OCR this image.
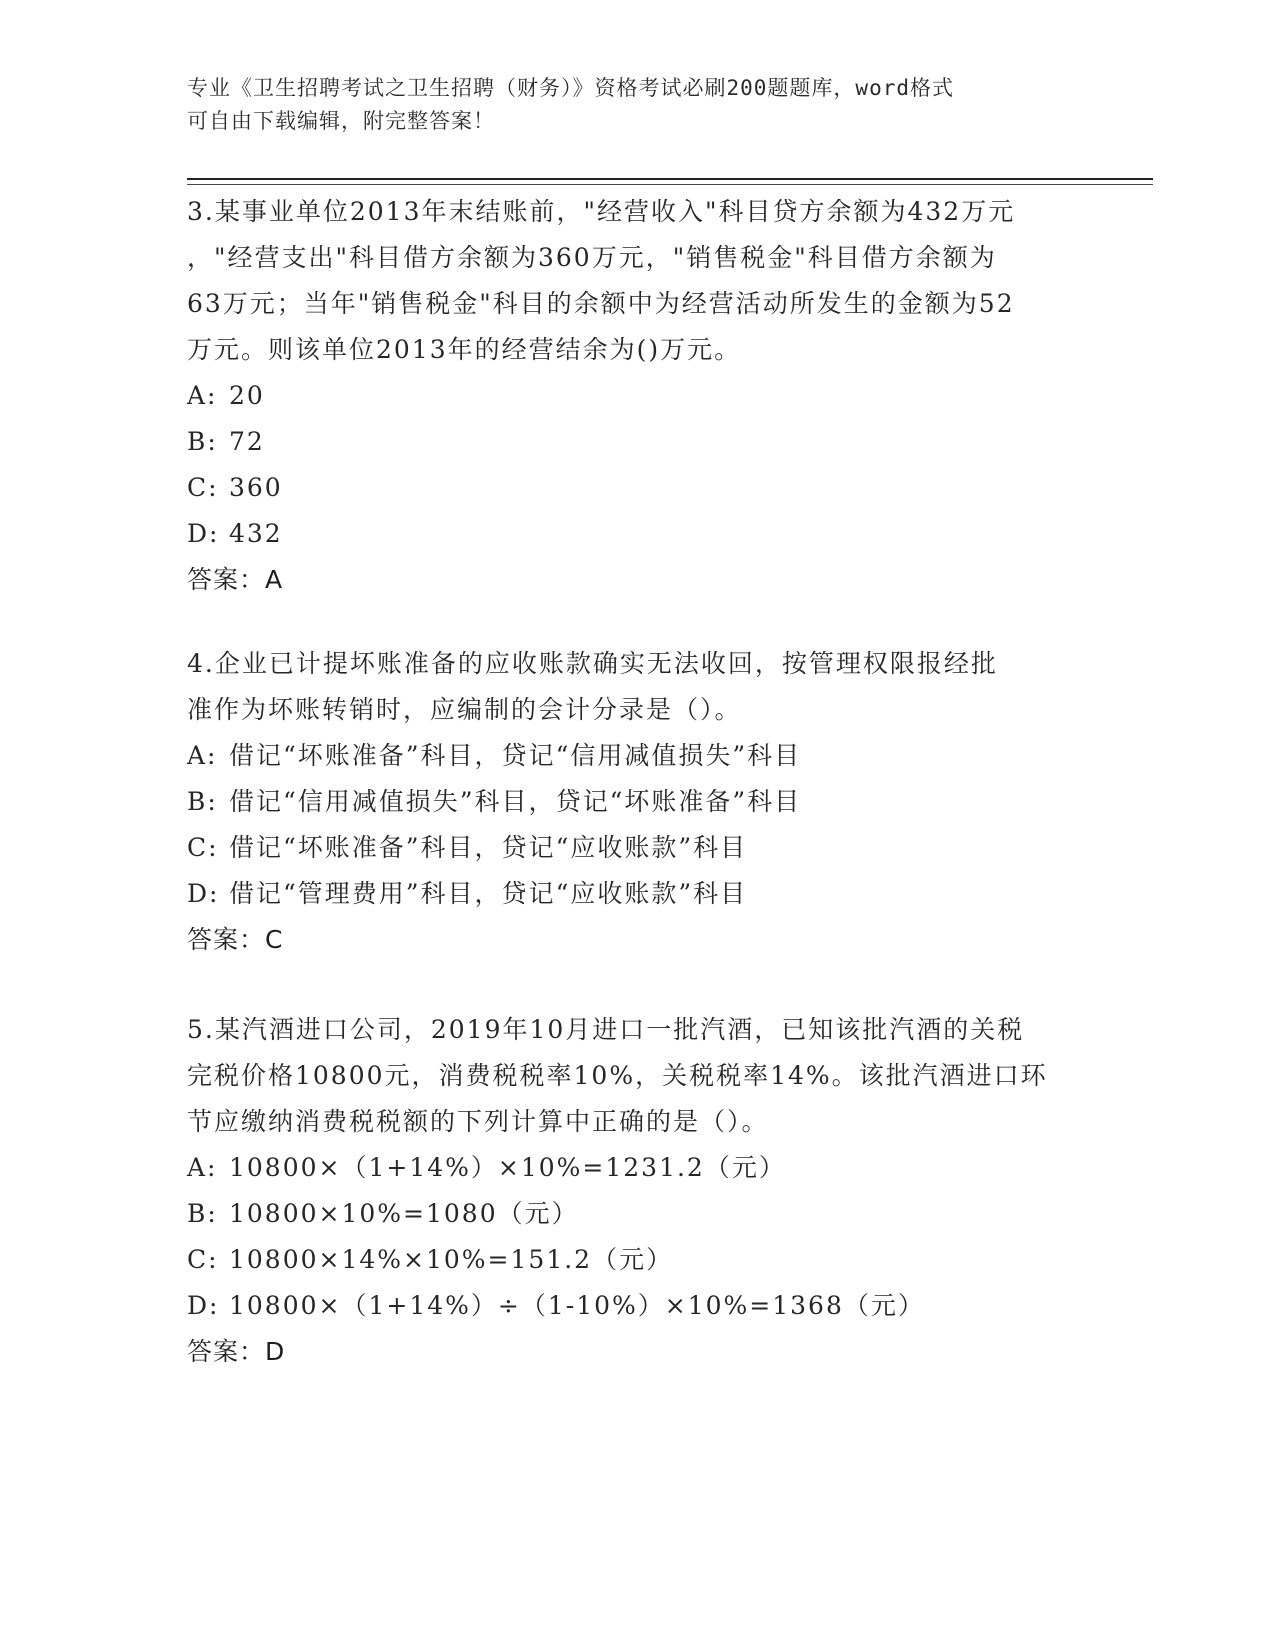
专业《卫生招聘考试之卫生招聘（财务）》资格考试必刷200题题库，word格式
可自由下载编辑，附完整答案！
3.某事业单位2013年末结账前，"经营收入"科目贷方余额为432万元
，"经营支出"科目借方余额为360万元，"销售税金"科目借方余额为
63万元；当年"销售税金"科目的余额中为经营活动所发生的金额为52
万元。则该单位2013年的经营结余为()万元。
A: 20
B: 72
C: 360
D: 432
答案：A
4.企业已计提坏账准备的应收账款确实无法收回，按管理权限报经批
准作为坏账转销时，应编制的会计分录是（）。
A: 借记“坏账准备”科目，贷记“信用减值损失”科目
B: 借记“信用减值损失”科目，贷记“坏账准备”科目
C: 借记“坏账准备”科目，贷记“应收账款”科目
D: 借记“管理费用”科目，贷记“应收账款”科目
答案：C
5.某汽酒进口公司，2019年10月进口一批汽酒，已知该批汽酒的关税
完税价格10800元，消费税税率10%，关税税率14%。该批汽酒进口环
节应缴纳消费税税额的下列计算中正确的是（）。
A: 10800×（1+14%）×10%=1231.2（元）
B: 10800×10%=1080（元）
C: 10800×14%×10%=151.2（元）
D: 10800×（1+14%）÷（1-10%）×10%=1368（元）
答案：D
